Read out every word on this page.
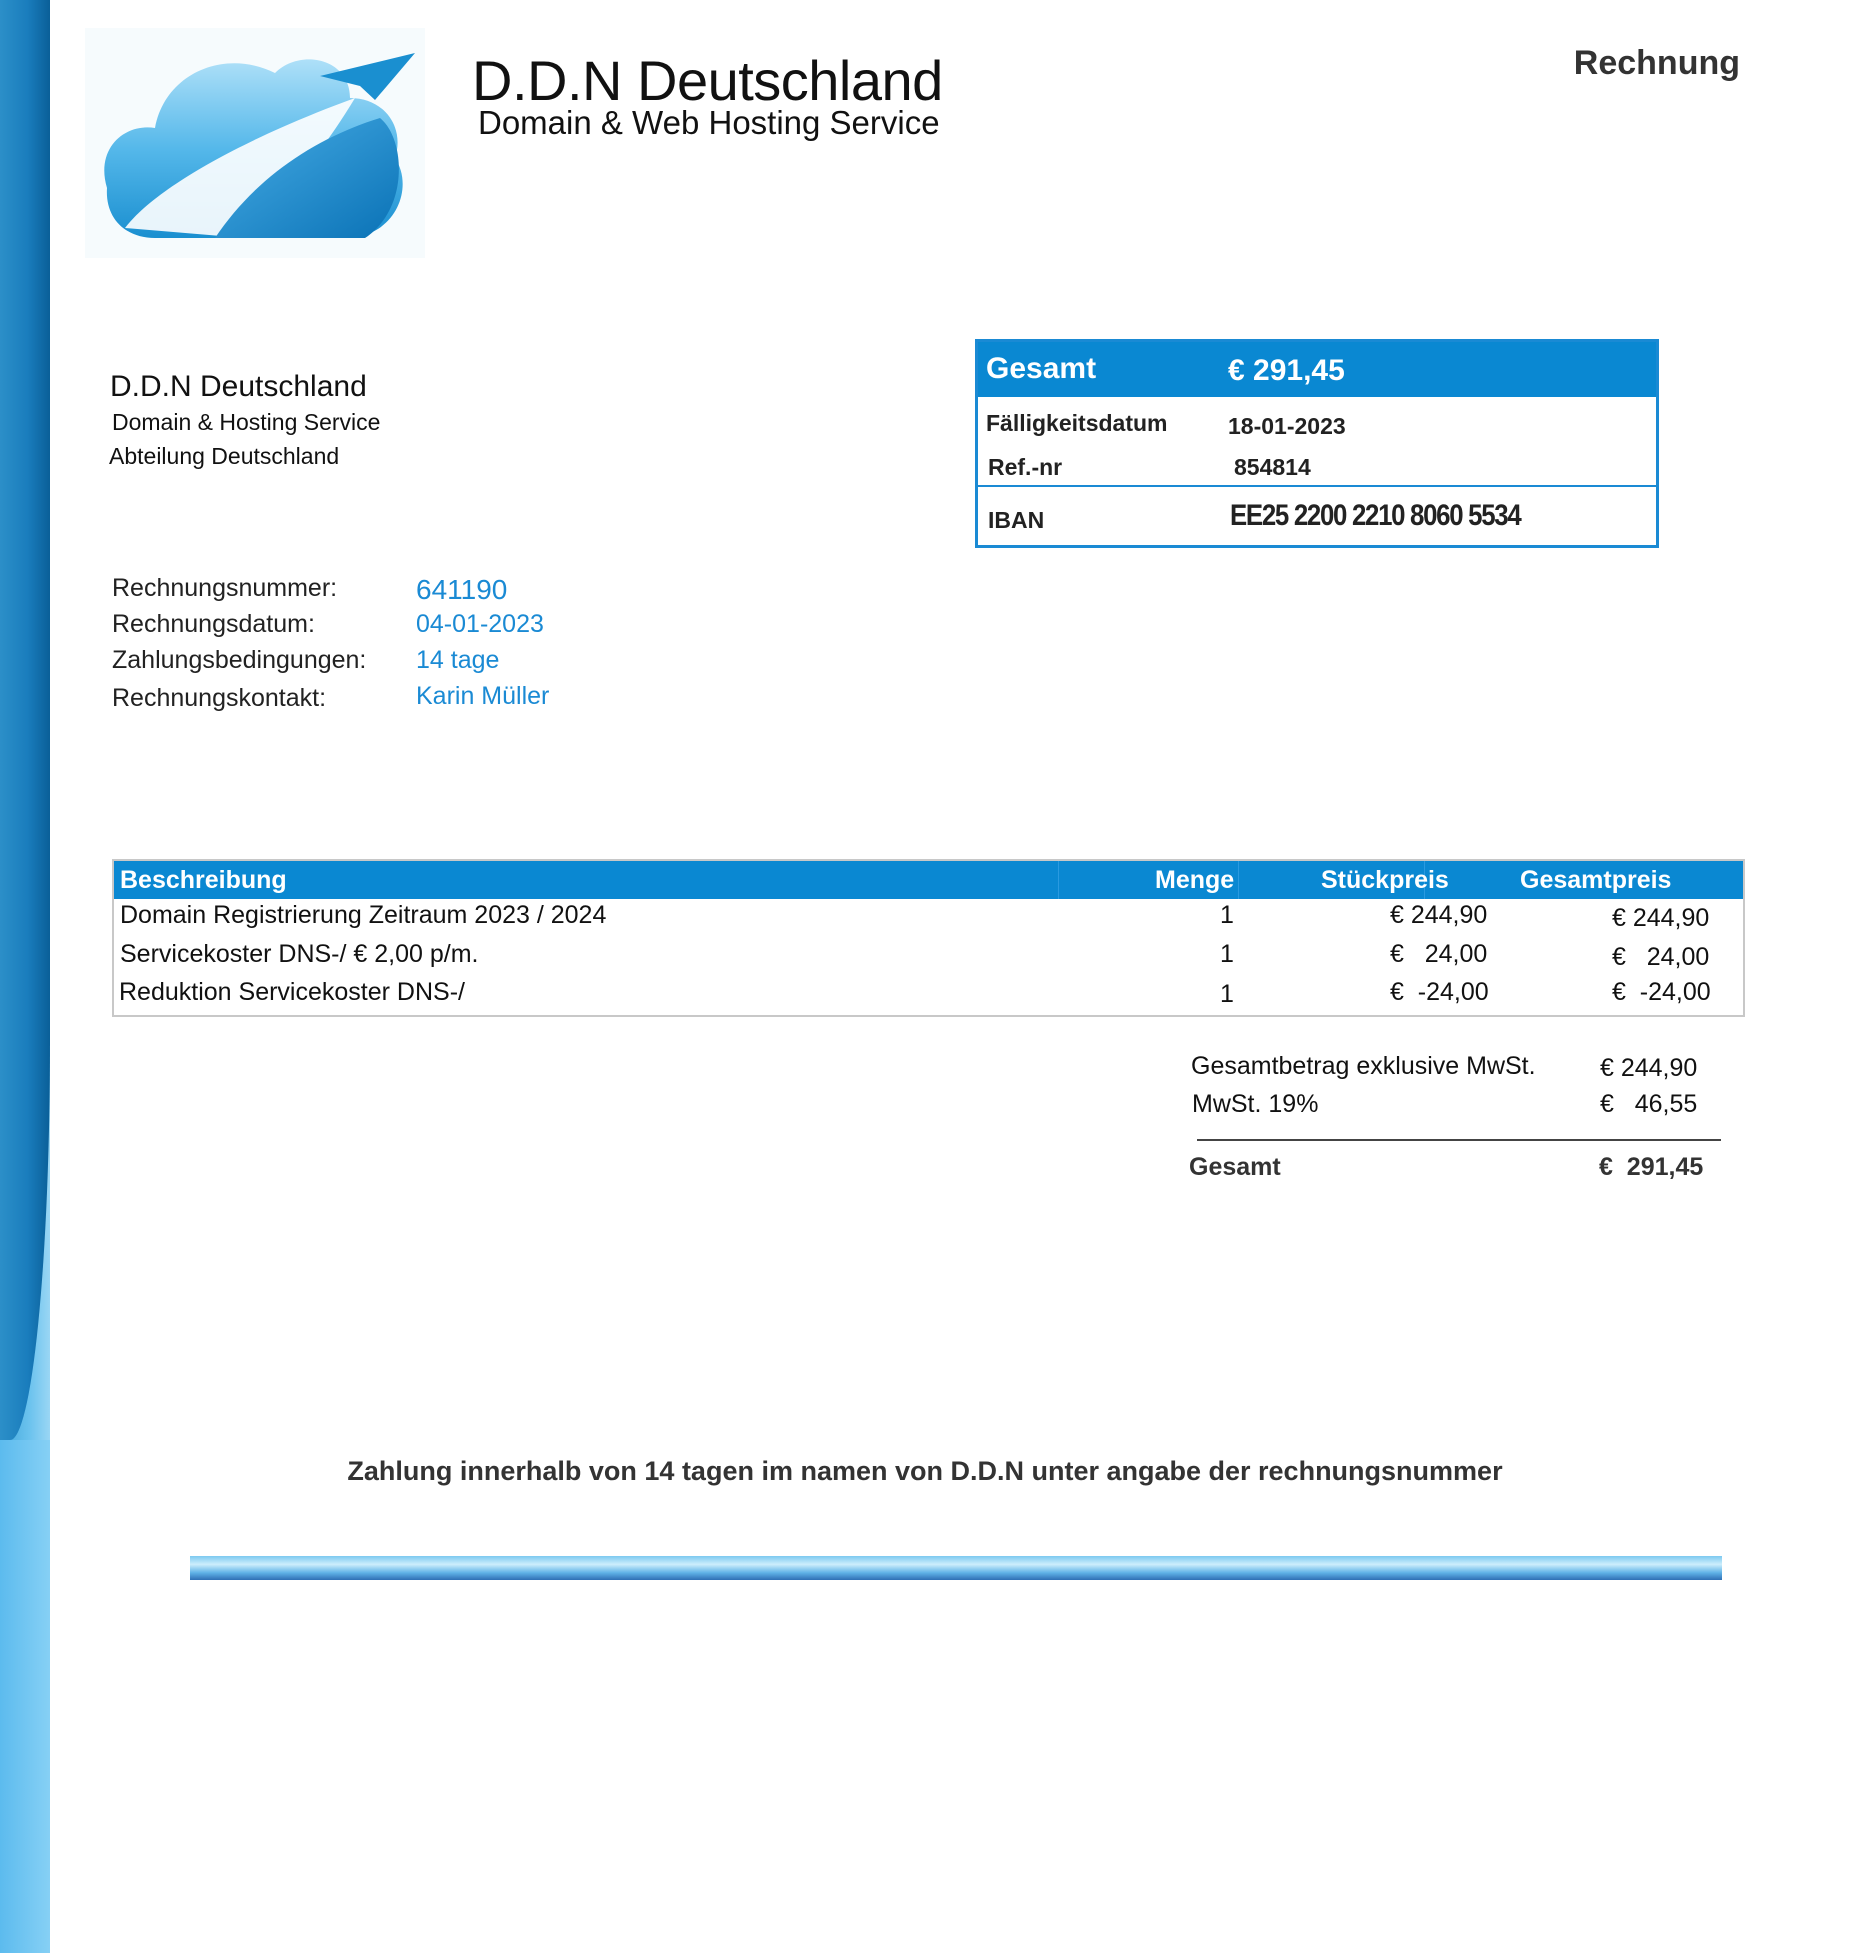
D.D.N Deutschland
Domain & Web Hosting Service
Rechnung
D.D.N Deutschland
Domain & Hosting Service
Abteilung Deutschland
Rechnungsnummer:	641190
Rechnungsdatum:	04-01-2023
Zahlungsbedingungen: 14 tage
Rechnungskontakt:	Karin Müller
Gesamt	€ 291,45
Fälligkeitsdatum	18-01-2023
Ref.-nr	854814
IBAN	EE25 2200 2210 8060 5534
Beschreibung	Menge	Stückpreis	Gesamtpreis
Domain Registrierung Zeitraum 2023 / 2024	1	€ 244,90	€ 244,90
Servicekoster DNS-/ € 2,00 p/m.	1	€   24,00	€   24,00
Reduktion Servicekoster DNS-/	1	€  -24,00	€  -24,00
Gesamtbetrag exklusive MwSt.	€ 244,90
MwSt. 19%	€   46,55
Gesamt	€  291,45
Zahlung innerhalb von 14 tagen im namen von D.D.N unter angabe der rechnungsnummer
